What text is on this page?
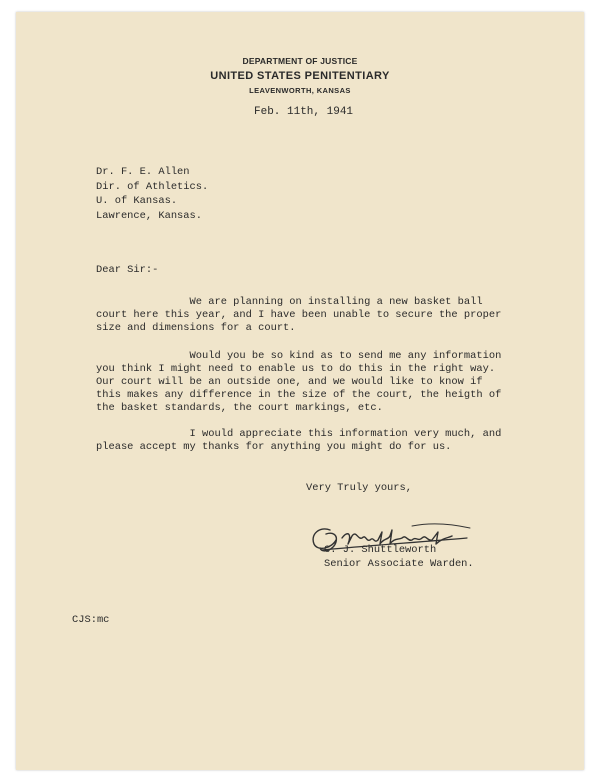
DEPARTMENT OF JUSTICE
UNITED STATES PENITENTIARY
LEAVENWORTH, KANSAS
Feb. 11th, 1941
Dr. F. E. Allen
Dir. of Athletics.
U. of Kansas.
Lawrence, Kansas.
Dear Sir:-
We are planning on installing a new basket ball
court here this year, and I have been unable to secure the proper
size and dimensions for a court.
Would you be so kind as to send me any information
you think I might need to enable us to do this in the right way.
Our court will be an outside one, and we would like to know if
this makes any difference in the size of the court, the heigth of
the basket standards, the court markings, etc.
I would appreciate this information very much, and
please accept my thanks for anything you might do for us.
Very Truly yours,
C. J. Shuttleworth
Senior Associate Warden.
CJS:mc
